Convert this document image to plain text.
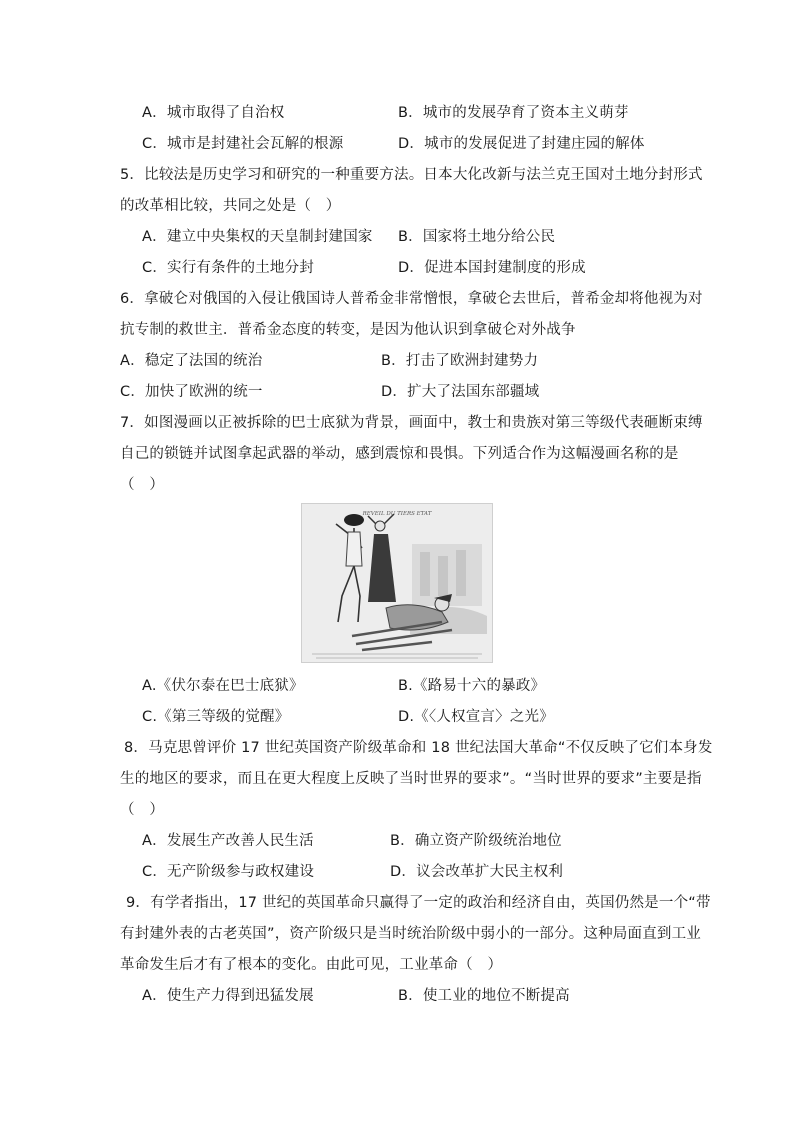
A．城市取得了自治权	B．城市的发展孕育了资本主义萌芽
C．城市是封建社会瓦解的根源	D．城市的发展促进了封建庄园的解体
5．比较法是历史学习和研究的一种重要方法。日本大化改新与法兰克王国对土地分封形式
的改革相比较，共同之处是（　）
A．建立中央集权的天皇制封建国家 B．国家将土地分给公民
C．实行有条件的土地分封	D．促进本国封建制度的形成
6．拿破仑对俄国的入侵让俄国诗人普希金非常憎恨，拿破仑去世后，普希金却将他视为对
抗专制的救世主．普希金态度的转变，是因为他认识到拿破仑对外战争
A．稳定了法国的统治	B．打击了欧洲封建势力
C．加快了欧洲的统一	D．扩大了法国东部疆域
7．如图漫画以正被拆除的巴士底狱为背景，画面中，教士和贵族对第三等级代表砸断束缚
自己的锁链并试图拿起武器的举动，感到震惊和畏惧。下列适合作为这幅漫画名称的是
（　）
REVEIL DU TIERS ETAT
A.《伏尔泰在巴士底狱》	B.《路易十六的暴政》
C.《第三等级的觉醒》	D.《〈人权宣言〉之光》
8．马克思曾评价 17 世纪英国资产阶级革命和 18 世纪法国大革命“不仅反映了它们本身发
生的地区的要求，而且在更大程度上反映了当时世界的要求”。“当时世界的要求”主要是指
（　）
A．发展生产改善人民生活	B．确立资产阶级统治地位
C．无产阶级参与政权建设	D．议会改革扩大民主权利
9．有学者指出，17 世纪的英国革命只赢得了一定的政治和经济自由，英国仍然是一个“带
有封建外表的古老英国”，资产阶级只是当时统治阶级中弱小的一部分。这种局面直到工业
革命发生后才有了根本的变化。由此可见，工业革命（　）
A．使生产力得到迅猛发展	B．使工业的地位不断提高
